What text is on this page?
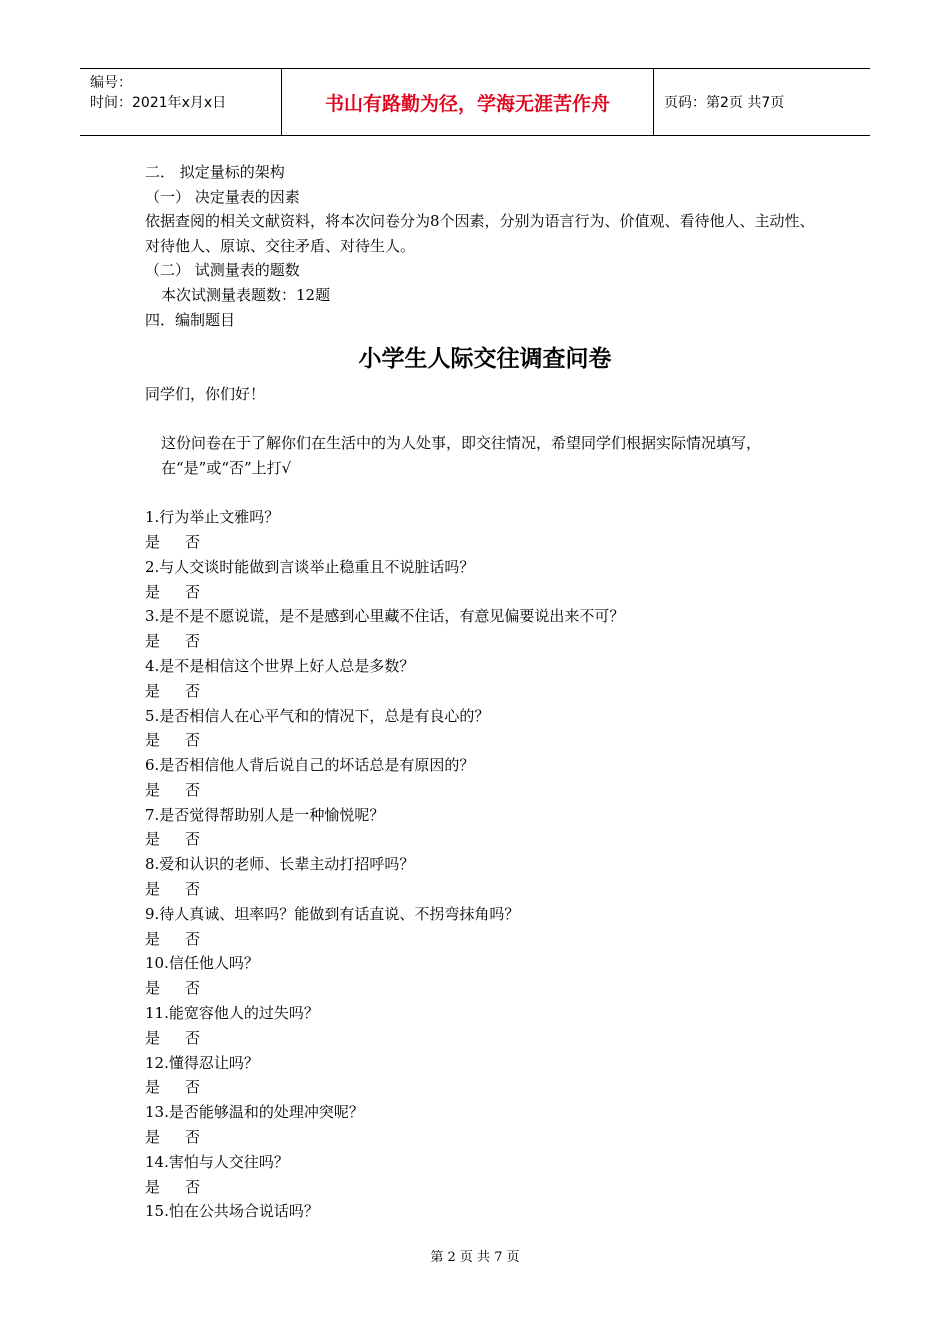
编号：
时间：2021年x月x日	书山有路勤为径，学海无涯苦作舟	页码：第2页 共7页
二． 拟定量标的架构
（一） 决定量表的因素
依据查阅的相关文献资料，将本次问卷分为8个因素，分别为语言行为、价值观、看待他人、主动性、对待他人、原谅、交往矛盾、对待生人。
（二） 试测量表的题数
本次试测量表题数：12题
四．编制题目
小学生人际交往调查问卷
同学们，你们好！
这份问卷在于了解你们在生活中的为人处事，即交往情况，希望同学们根据实际情况填写，在“是”或“否”上打√
1.行为举止文雅吗？
是 否
2.与人交谈时能做到言谈举止稳重且不说脏话吗？
是 否
3.是不是不愿说谎，是不是感到心里藏不住话，有意见偏要说出来不可？
是 否
4.是不是相信这个世界上好人总是多数？
是 否
5.是否相信人在心平气和的情况下，总是有良心的？
是 否
6.是否相信他人背后说自己的坏话总是有原因的？
是 否
7.是否觉得帮助别人是一种愉悦呢？
是 否
8.爱和认识的老师、长辈主动打招呼吗？
是 否
9.待人真诚、坦率吗？能做到有话直说、不拐弯抹角吗？
是 否
10.信任他人吗？
是 否
11.能宽容他人的过失吗？
是 否
12.懂得忍让吗？
是 否
13.是否能够温和的处理冲突呢？
是 否
14.害怕与人交往吗？
是 否
15.怕在公共场合说话吗？
第 2 页 共 7 页
